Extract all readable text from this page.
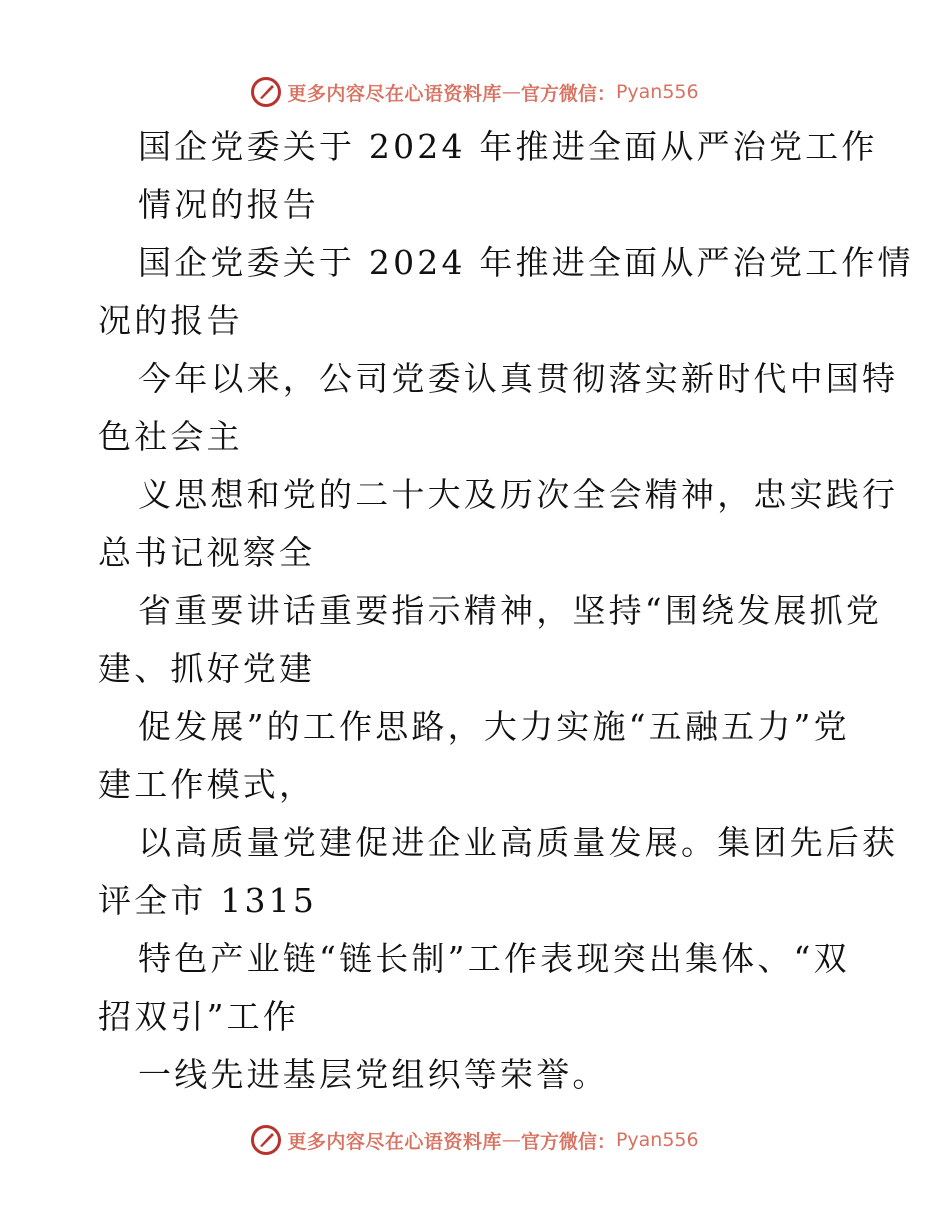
更多内容尽在心语资料库 — 官方微信： Pyan556
国企党委关于 2024 年推进全面从严治党工作
情况的报告
国企党委关于 2024 年推进全面从严治党工作情
况的报告
今年以来，公司党委认真贯彻落实新时代中国特
色社会主
义思想和党的二十大及历次全会精神，忠实践行
总书记视察全
省重要讲话重要指示精神，坚持“围绕发展抓党
建、抓好党建
促发展”的工作思路，大力实施“五融五力”党
建工作模式，
以高质量党建促进企业高质量发展。集团先后获
评全市 1315
特色产业链“链长制”工作表现突出集体、“双
招双引”工作
一线先进基层党组织等荣誉。
更多内容尽在心语资料库 — 官方微信： Pyan556
